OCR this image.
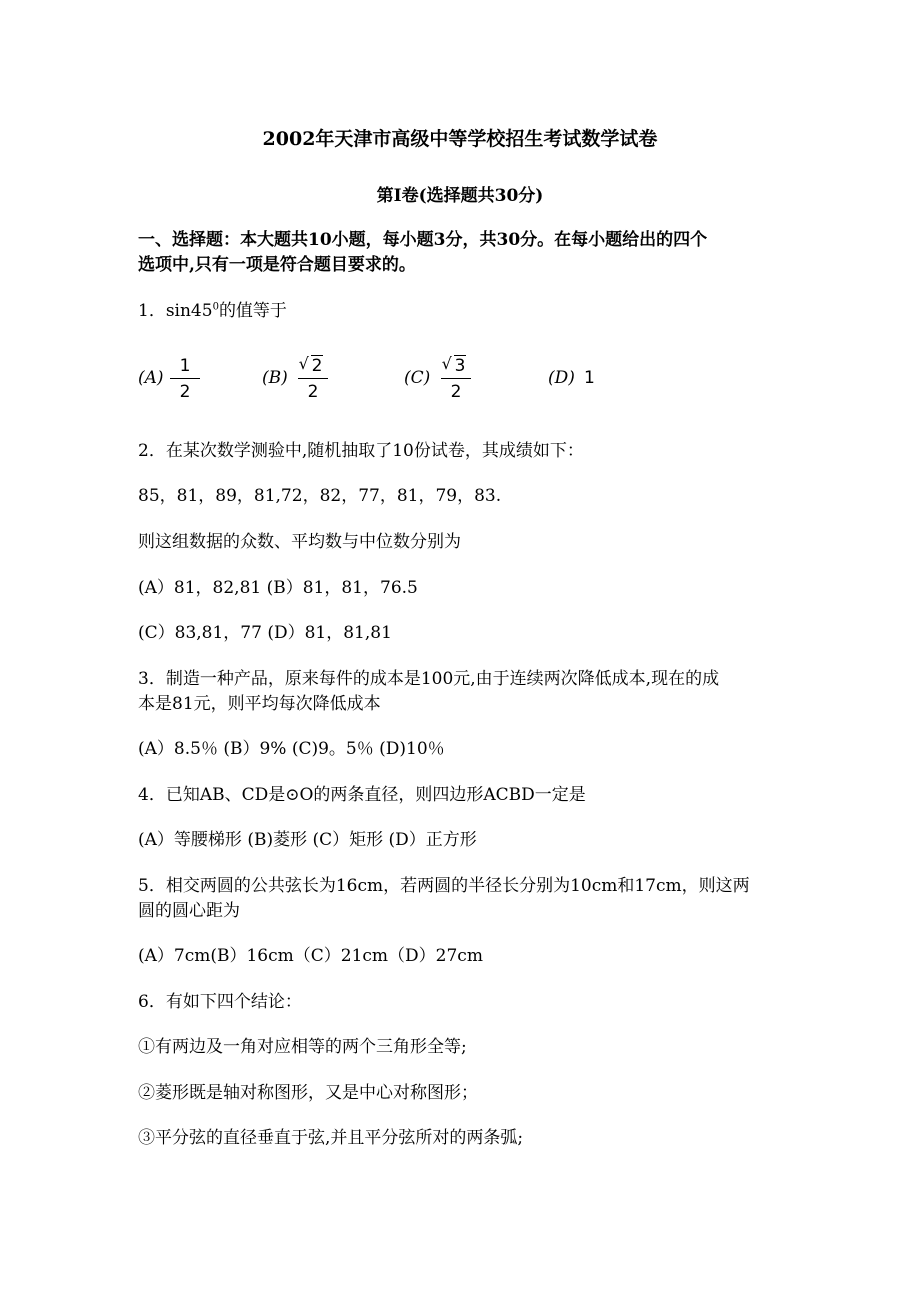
2002年天津市高级中等学校招生考试数学试卷
第Ⅰ卷(选择题共30分)
一、选择题：本大题共10小题，每小题3分，共30分。在每小题给出的四个
选项中,只有一项是符合题目要求的。
1．$\sin 45^0$的值等于
$(A) \frac{1}{2}$	(B) √ $\frac{2}{2}$	(C) √ $\frac{3}{2}$	(D) 1
2．在某次数学测验中,随机抽取了10份试卷，其成绩如下：
85，81，89，81,72，82，77，81，79，83.
则这组数据的众数、平均数与中位数分别为
(A）81，82,81 (B）81，81，76.5
(C）83,81，77 (D）81，81,81
3．制造一种产品，原来每件的成本是100元,由于连续两次降低成本,现在的成
本是81元，则平均每次降低成本
(A）8.5％ (B）9% (C)9。5％ (D)10％
4．已知AB、CD是⊙O的两条直径，则四边形ACBD一定是
(A）等腰梯形 (B)菱形 (C）矩形 (D）正方形
5．相交两圆的公共弦长为16cm，若两圆的半径长分别为10cm和17cm，则这两
圆的圆心距为
(A）7cm(B）16cm（C）21cm（D）27cm
6．有如下四个结论：
①有两边及一角对应相等的两个三角形全等;
②菱形既是轴对称图形，又是中心对称图形；
③平分弦的直径垂直于弦,并且平分弦所对的两条弧;
